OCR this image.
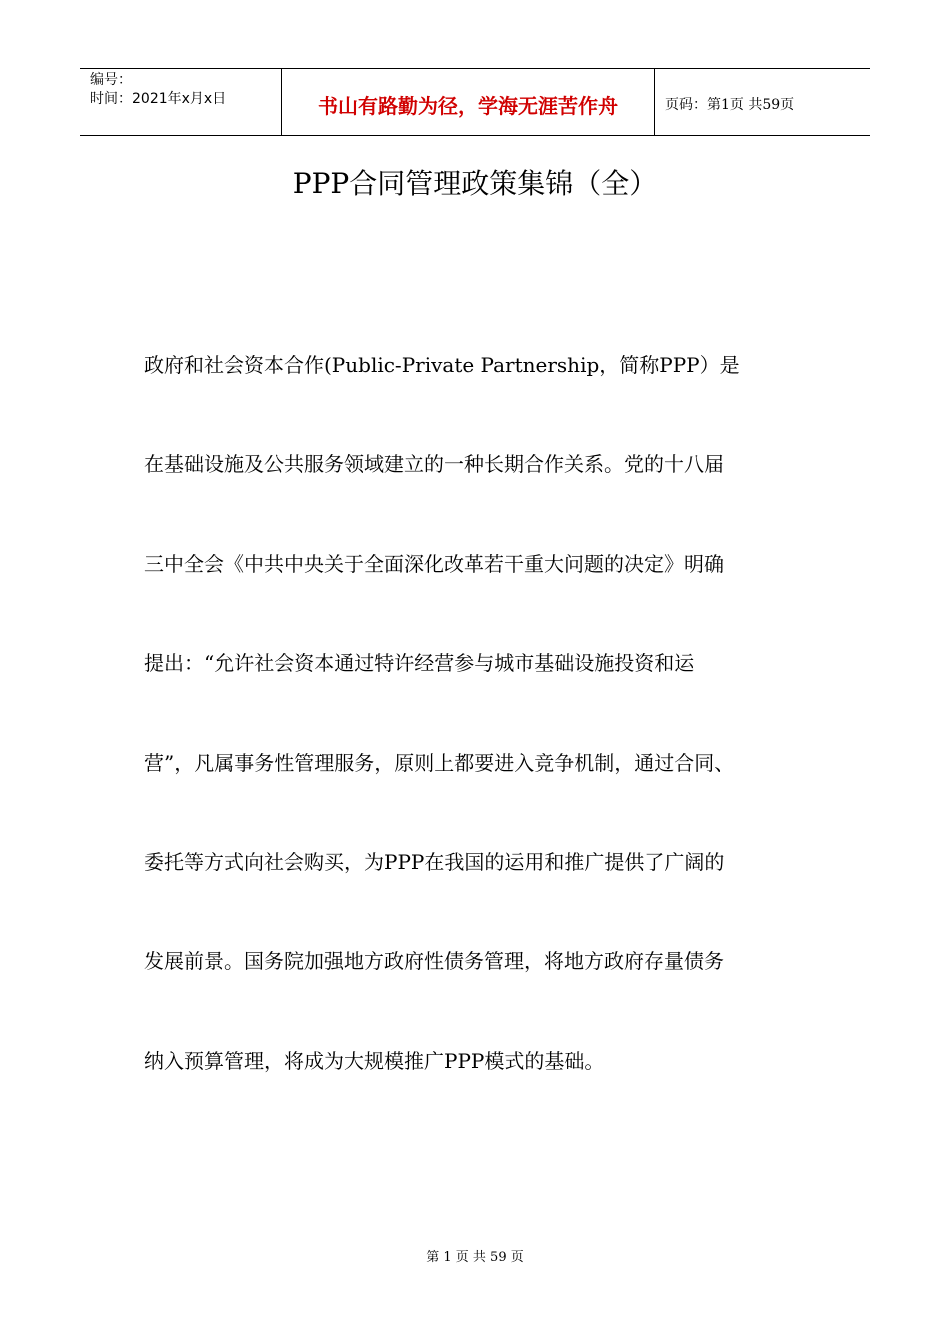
编号：
时间：2021年x月x日	书山有路勤为径，学海无涯苦作舟	页码：第1页 共59页
PPP合同管理政策集锦（全）
政府和社会资本合作(Public-Private Partnership，简称PPP）是
在基础设施及公共服务领域建立的一种长期合作关系。党的十八届
三中全会《中共中央关于全面深化改革若干重大问题的决定》明确
提出：“允许社会资本通过特许经营参与城市基础设施投资和运
营”，凡属事务性管理服务，原则上都要进入竞争机制，通过合同、
委托等方式向社会购买，为PPP在我国的运用和推广提供了广阔的
发展前景。国务院加强地方政府性债务管理，将地方政府存量债务
纳入预算管理，将成为大规模推广PPP模式的基础。
第 1 页 共 59 页
